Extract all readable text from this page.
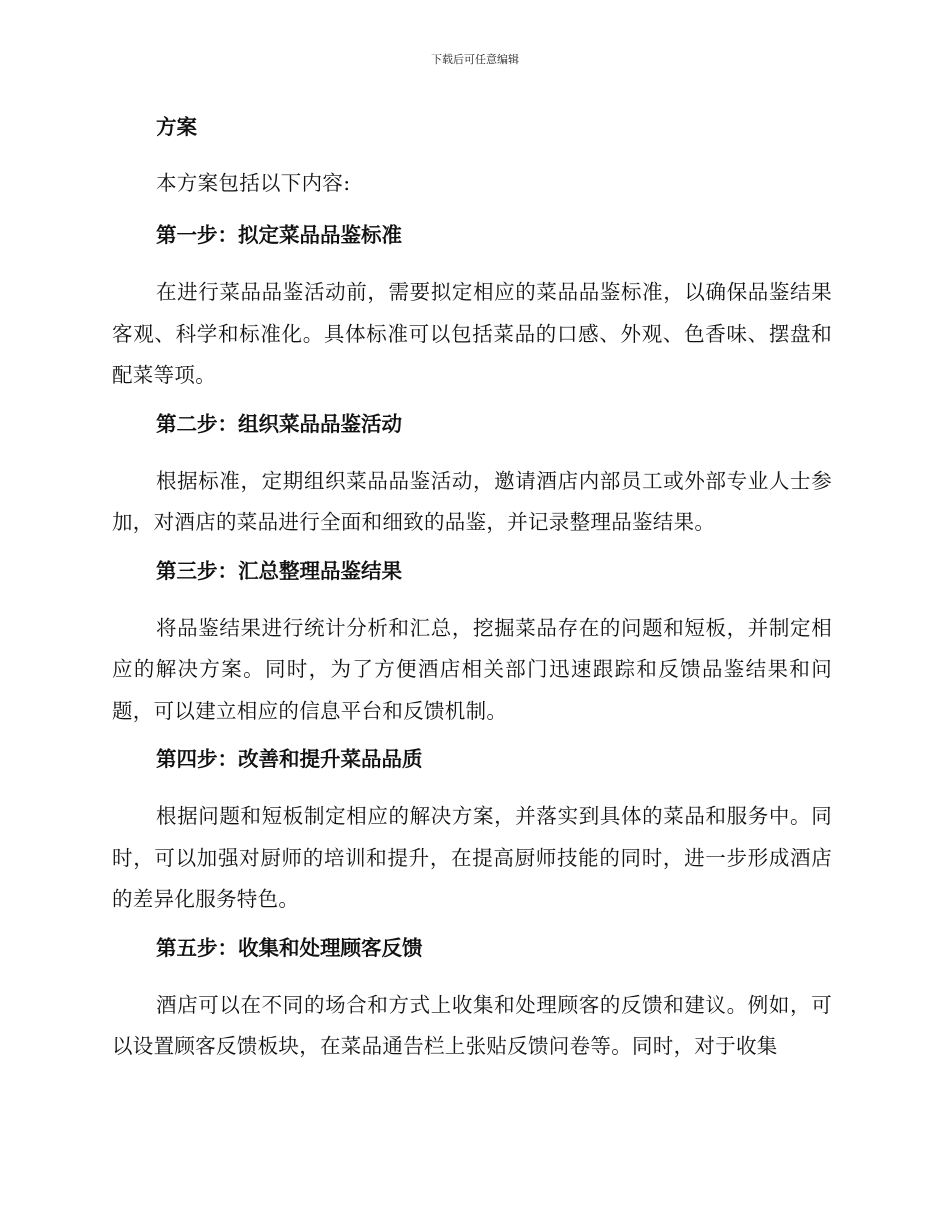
下载后可任意编辑
方案
本方案包括以下内容:
第一步：拟定菜品品鉴标准
在进行菜品品鉴活动前，需要拟定相应的菜品品鉴标准，以确保品鉴结果客观、科学和标准化。具体标准可以包括菜品的口感、外观、色香味、摆盘和配菜等项。
第二步：组织菜品品鉴活动
根据标准，定期组织菜品品鉴活动，邀请酒店内部员工或外部专业人士参加，对酒店的菜品进行全面和细致的品鉴，并记录整理品鉴结果。
第三步：汇总整理品鉴结果
将品鉴结果进行统计分析和汇总，挖掘菜品存在的问题和短板，并制定相应的解决方案。同时，为了方便酒店相关部门迅速跟踪和反馈品鉴结果和问题，可以建立相应的信息平台和反馈机制。
第四步：改善和提升菜品品质
根据问题和短板制定相应的解决方案，并落实到具体的菜品和服务中。同时，可以加强对厨师的培训和提升，在提高厨师技能的同时，进一步形成酒店的差异化服务特色。
第五步：收集和处理顾客反馈
酒店可以在不同的场合和方式上收集和处理顾客的反馈和建议。例如，可以设置顾客反馈板块，在菜品通告栏上张贴反馈问卷等。同时，对于收集
